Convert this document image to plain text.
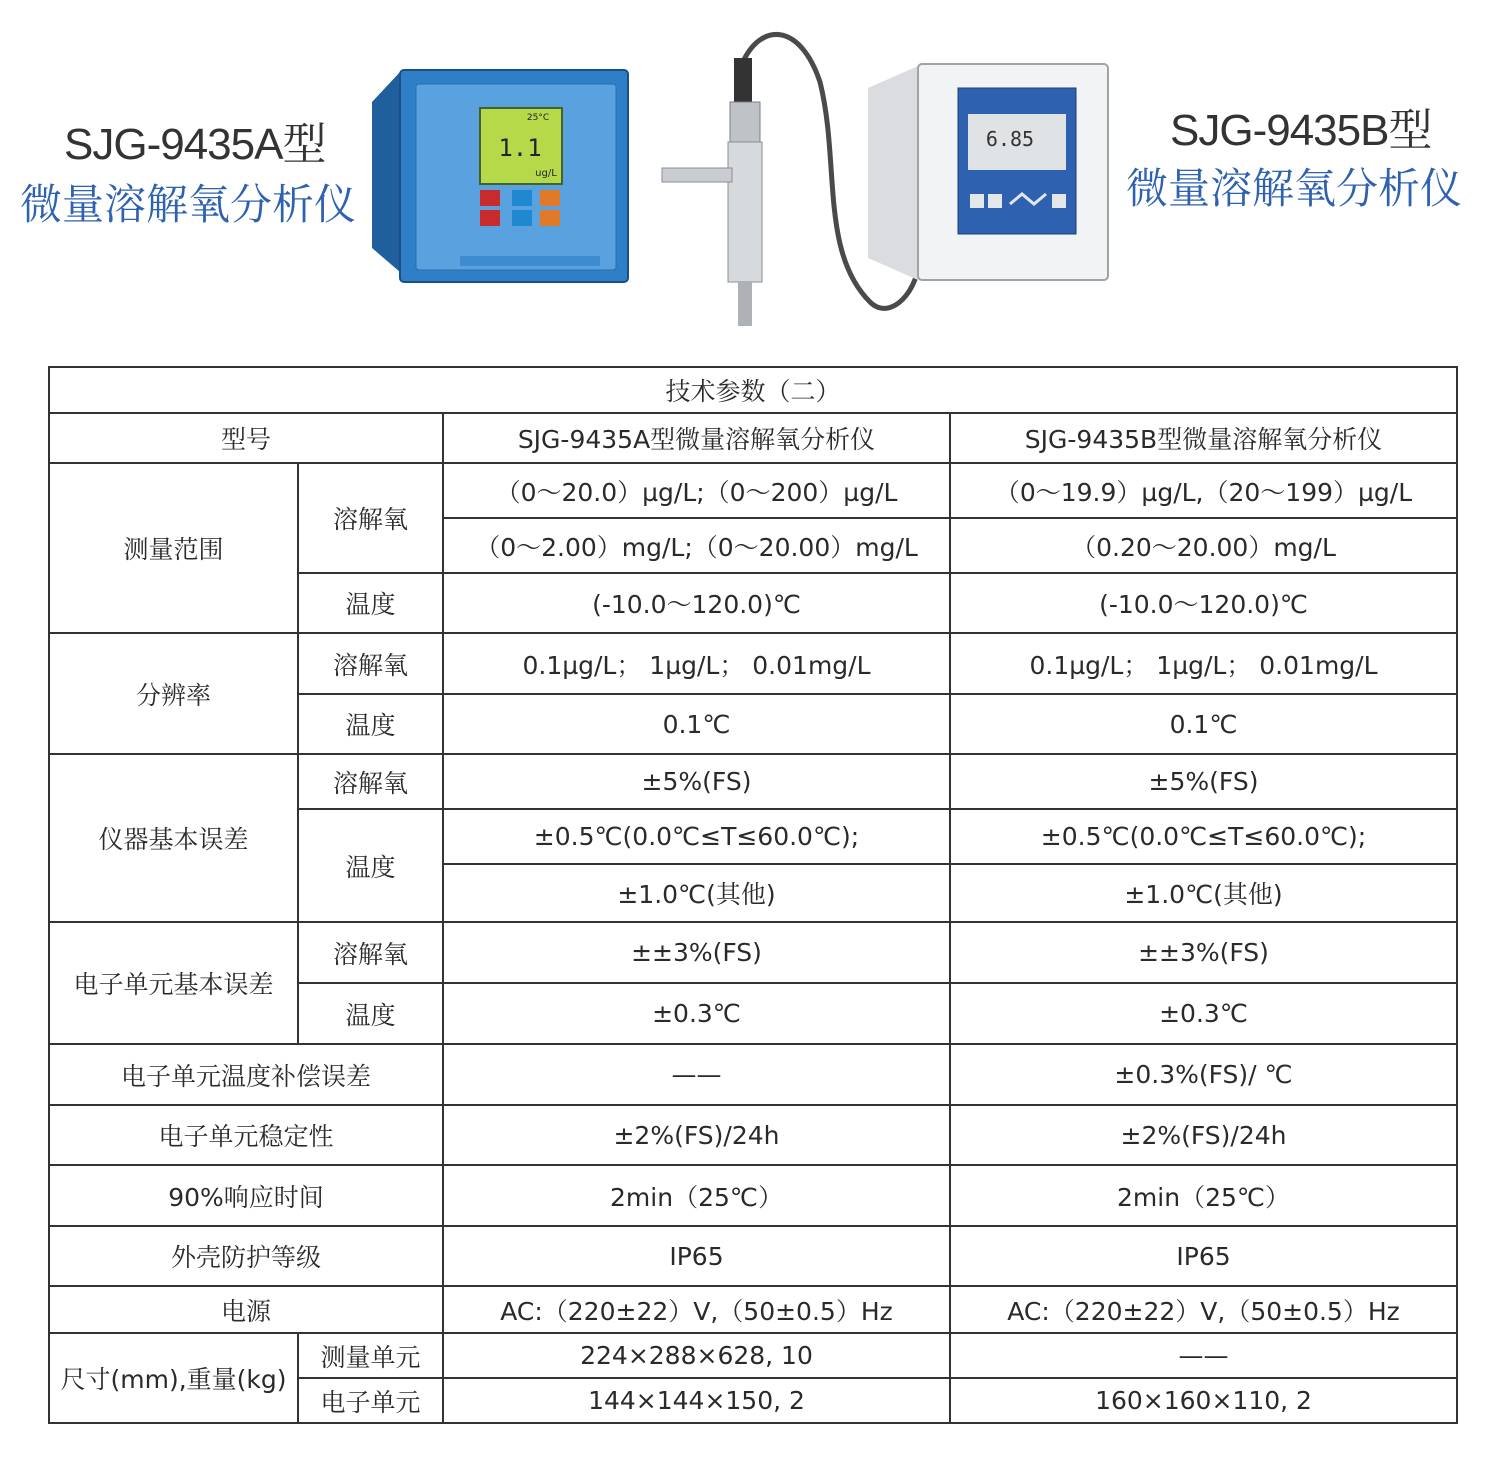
SJG-9435A型
微量溶解氧分析仪
SJG-9435B型
微量溶解氧分析仪
1.1
25°C
ug/L
6.85
技术参数（二）			
型号		SJG-9435A型微量溶解氧分析仪	SJG-9435B型微量溶解氧分析仪
测量范围	溶解氧	（0～20.0）µg/L;（0～200）µg/L	（0～19.9）µg/L,（20～199）µg/L
		（0～2.00）mg/L;（0～20.00）mg/L	（0.20～20.00）mg/L
	温度	(-10.0～120.0)℃	(-10.0～120.0)℃
分辨率	溶解氧	0.1µg/L； 1µg/L； 0.01mg/L	0.1µg/L； 1µg/L； 0.01mg/L
	温度	0.1℃	0.1℃
仪器基本误差	溶解氧	±5%(FS)	±5%(FS)
	温度	±0.5℃(0.0℃≤T≤60.0℃);	±0.5℃(0.0℃≤T≤60.0℃);
		±1.0℃(其他)	±1.0℃(其他)
电子单元基本误差	溶解氧	±±3%(FS)	±±3%(FS)
	温度	±0.3℃	±0.3℃
电子单元温度补偿误差		——	±0.3%(FS)/ ℃
电子单元稳定性		±2%(FS)/24h	±2%(FS)/24h
90%响应时间		2min（25℃）	2min（25℃）
外壳防护等级		IP65	IP65
电源		AC:（220±22）V,（50±0.5）Hz	AC:（220±22）V,（50±0.5）Hz
尺寸(mm),重量(kg)	测量单元	224×288×628, 10	——
	电子单元	144×144×150, 2	160×160×110, 2
